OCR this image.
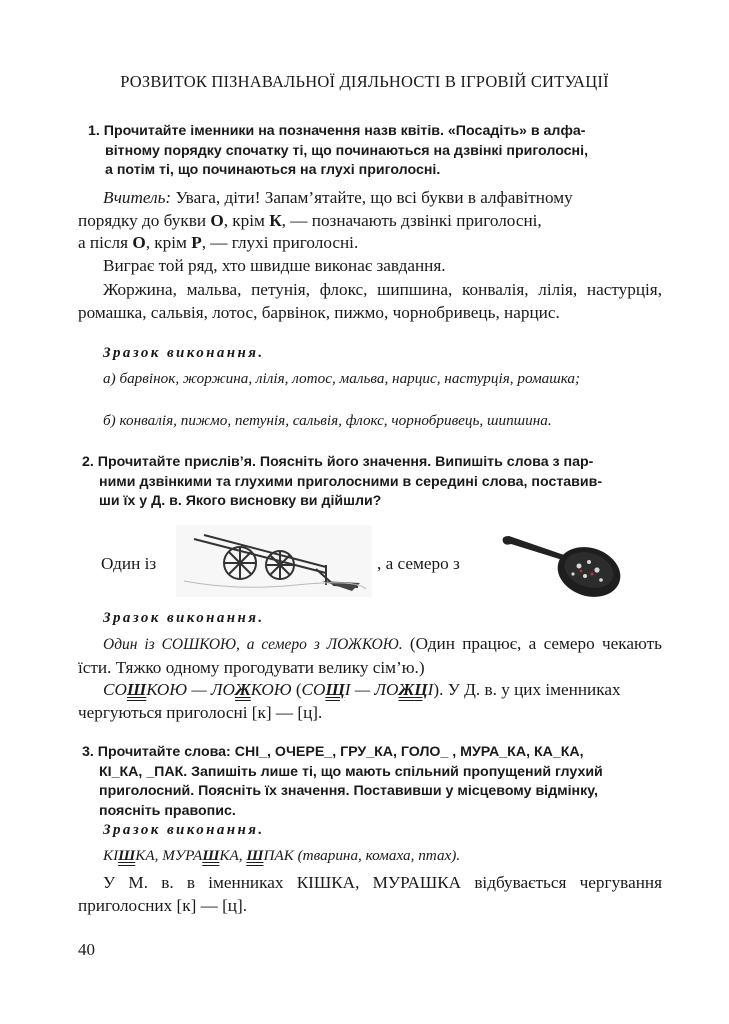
РОЗВИТОК ПІЗНАВАЛЬНОЇ ДІЯЛЬНОСТІ В ІГРОВІЙ СИТУАЦІЇ
1. Прочитайте іменники на позначення назв квітів. «Посадіть» в алфа-
вітному порядку спочатку ті, що починаються на дзвінкі приголосні,
а потім ті, що починаються на глухі приголосні.
Вчитель: Увага, діти! Запам’ятайте, що всі букви в алфавітному
порядку до букви О, крім К, — позначають дзвінкі приголосні,
а після О, крім Р, — глухі приголосні.
Виграє той ряд, хто швидше виконає завдання.
Жоржина, мальва, петунія, флокс, шипшина, конвалія, лілія, настурція, ромашка, сальвія, лотос, барвінок, пижмо, чорнобривець, нарцис.
Зразок виконання.
а) барвінок, жоржина, лілія, лотос, мальва, нарцис, настурція, ромашка;
б) конвалія, пижмо, петунія, сальвія, флокс, чорнобривець, шипшина.
2. Прочитайте прислів’я. Поясніть його значення. Випишіть слова з пар-
ними дзвінкими та глухими приголосними в середині слова, поставив-
ши їх у Д. в. Якого висновку ви дійшли?
Один із	, а семеро з
Зразок виконання.
Один із СОШКОЮ, а семеро з ЛОЖКОЮ. (Один працює, а семеро чекають їсти. Тяжко одному прогодувати велику сім’ю.)
СОШКОЮ — ЛОЖКОЮ (СОЩІ — ЛОЖЦІ). У Д. в. у цих іменниках
чергуються приголосні [к] — [ц].
3. Прочитайте слова: СНІ_, ОЧЕРЕ_, ГРУ_КА, ГОЛО_ , МУРА_КА, КА_КА,
КІ_КА, _ПАК. Запишіть лише ті, що мають спільний пропущений глухий
приголосний. Поясніть їх значення. Поставивши у місцевому відмінку,
поясніть правопис.
Зразок виконання.
КІШКА, МУРАШКА, ШПАК (тварина, комаха, птах).
У М. в. в іменниках КІШКА, МУРАШКА відбувається чергування приголосних [к] — [ц].
40
